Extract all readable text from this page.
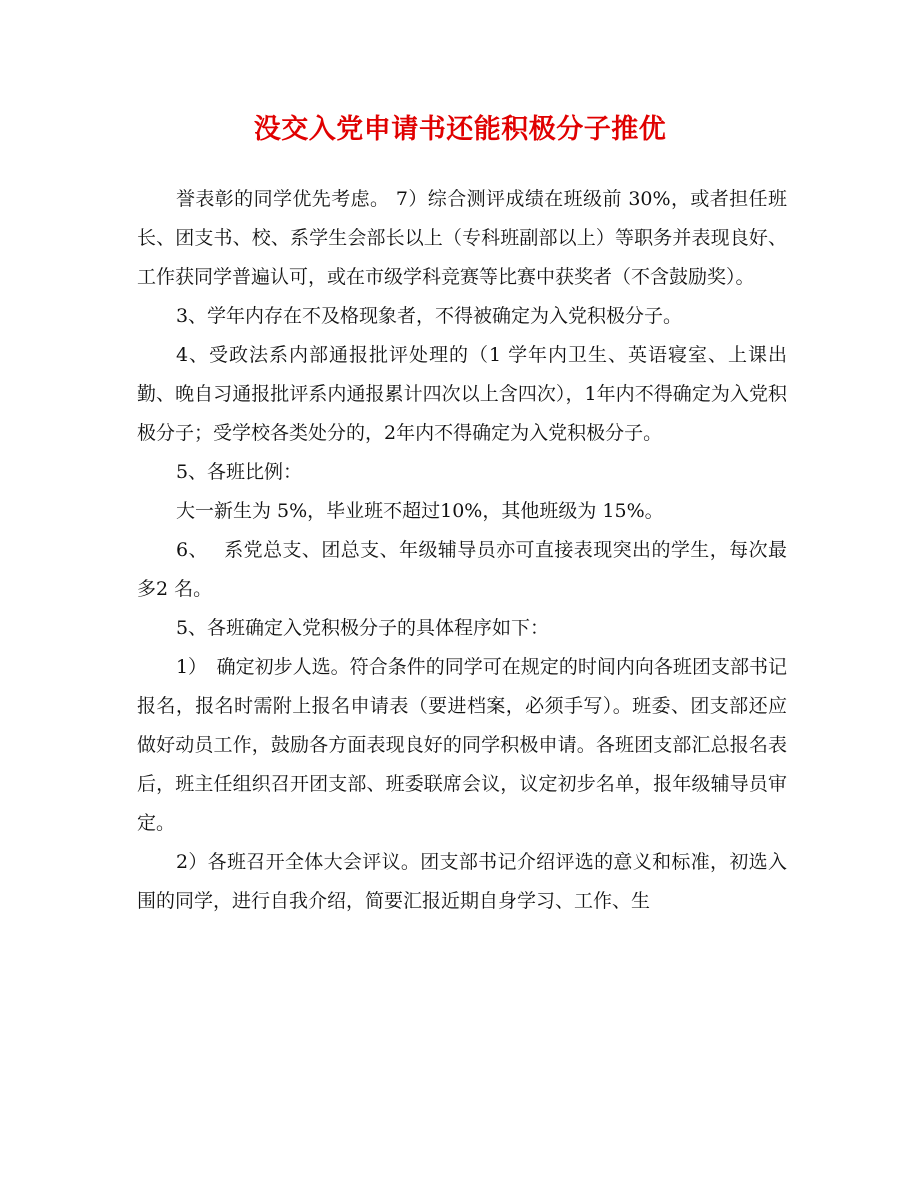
没交入党申请书还能积极分子推优

誉表彰的同学优先考虑。 7）综合测评成绩在班级前 30%，或者担任班长、团支书、校、系学生会部长以上（专科班副部以上）等职务并表现良好、工作获同学普遍认可，或在市级学科竞赛等比赛中获奖者（不含鼓励奖）。

3、学年内存在不及格现象者，不得被确定为入党积极分子。

4、受政法系内部通报批评处理的（1 学年内卫生、英语寝室、上课出勤、晚自习通报批评系内通报累计四次以上含四次），1年内不得确定为入党积极分子；受学校各类处分的，2年内不得确定为入党积极分子。

5、各班比例：

大一新生为 5%，毕业班不超过10%，其他班级为 15%。

6、　 系党总支、团总支、年级辅导员亦可直接表现突出的学生，每次最多2 名。

5、各班确定入党积极分子的具体程序如下：

1）　确定初步人选。符合条件的同学可在规定的时间内向各班团支部书记报名，报名时需附上报名申请表（要进档案，必须手写）。班委、团支部还应做好动员工作，鼓励各方面表现良好的同学积极申请。各班团支部汇总报名表后，班主任组织召开团支部、班委联席会议，议定初步名单，报年级辅导员审定。

2）各班召开全体大会评议。团支部书记介绍评选的意义和标准，初选入围的同学，进行自我介绍，简要汇报近期自身学习、工作、生
